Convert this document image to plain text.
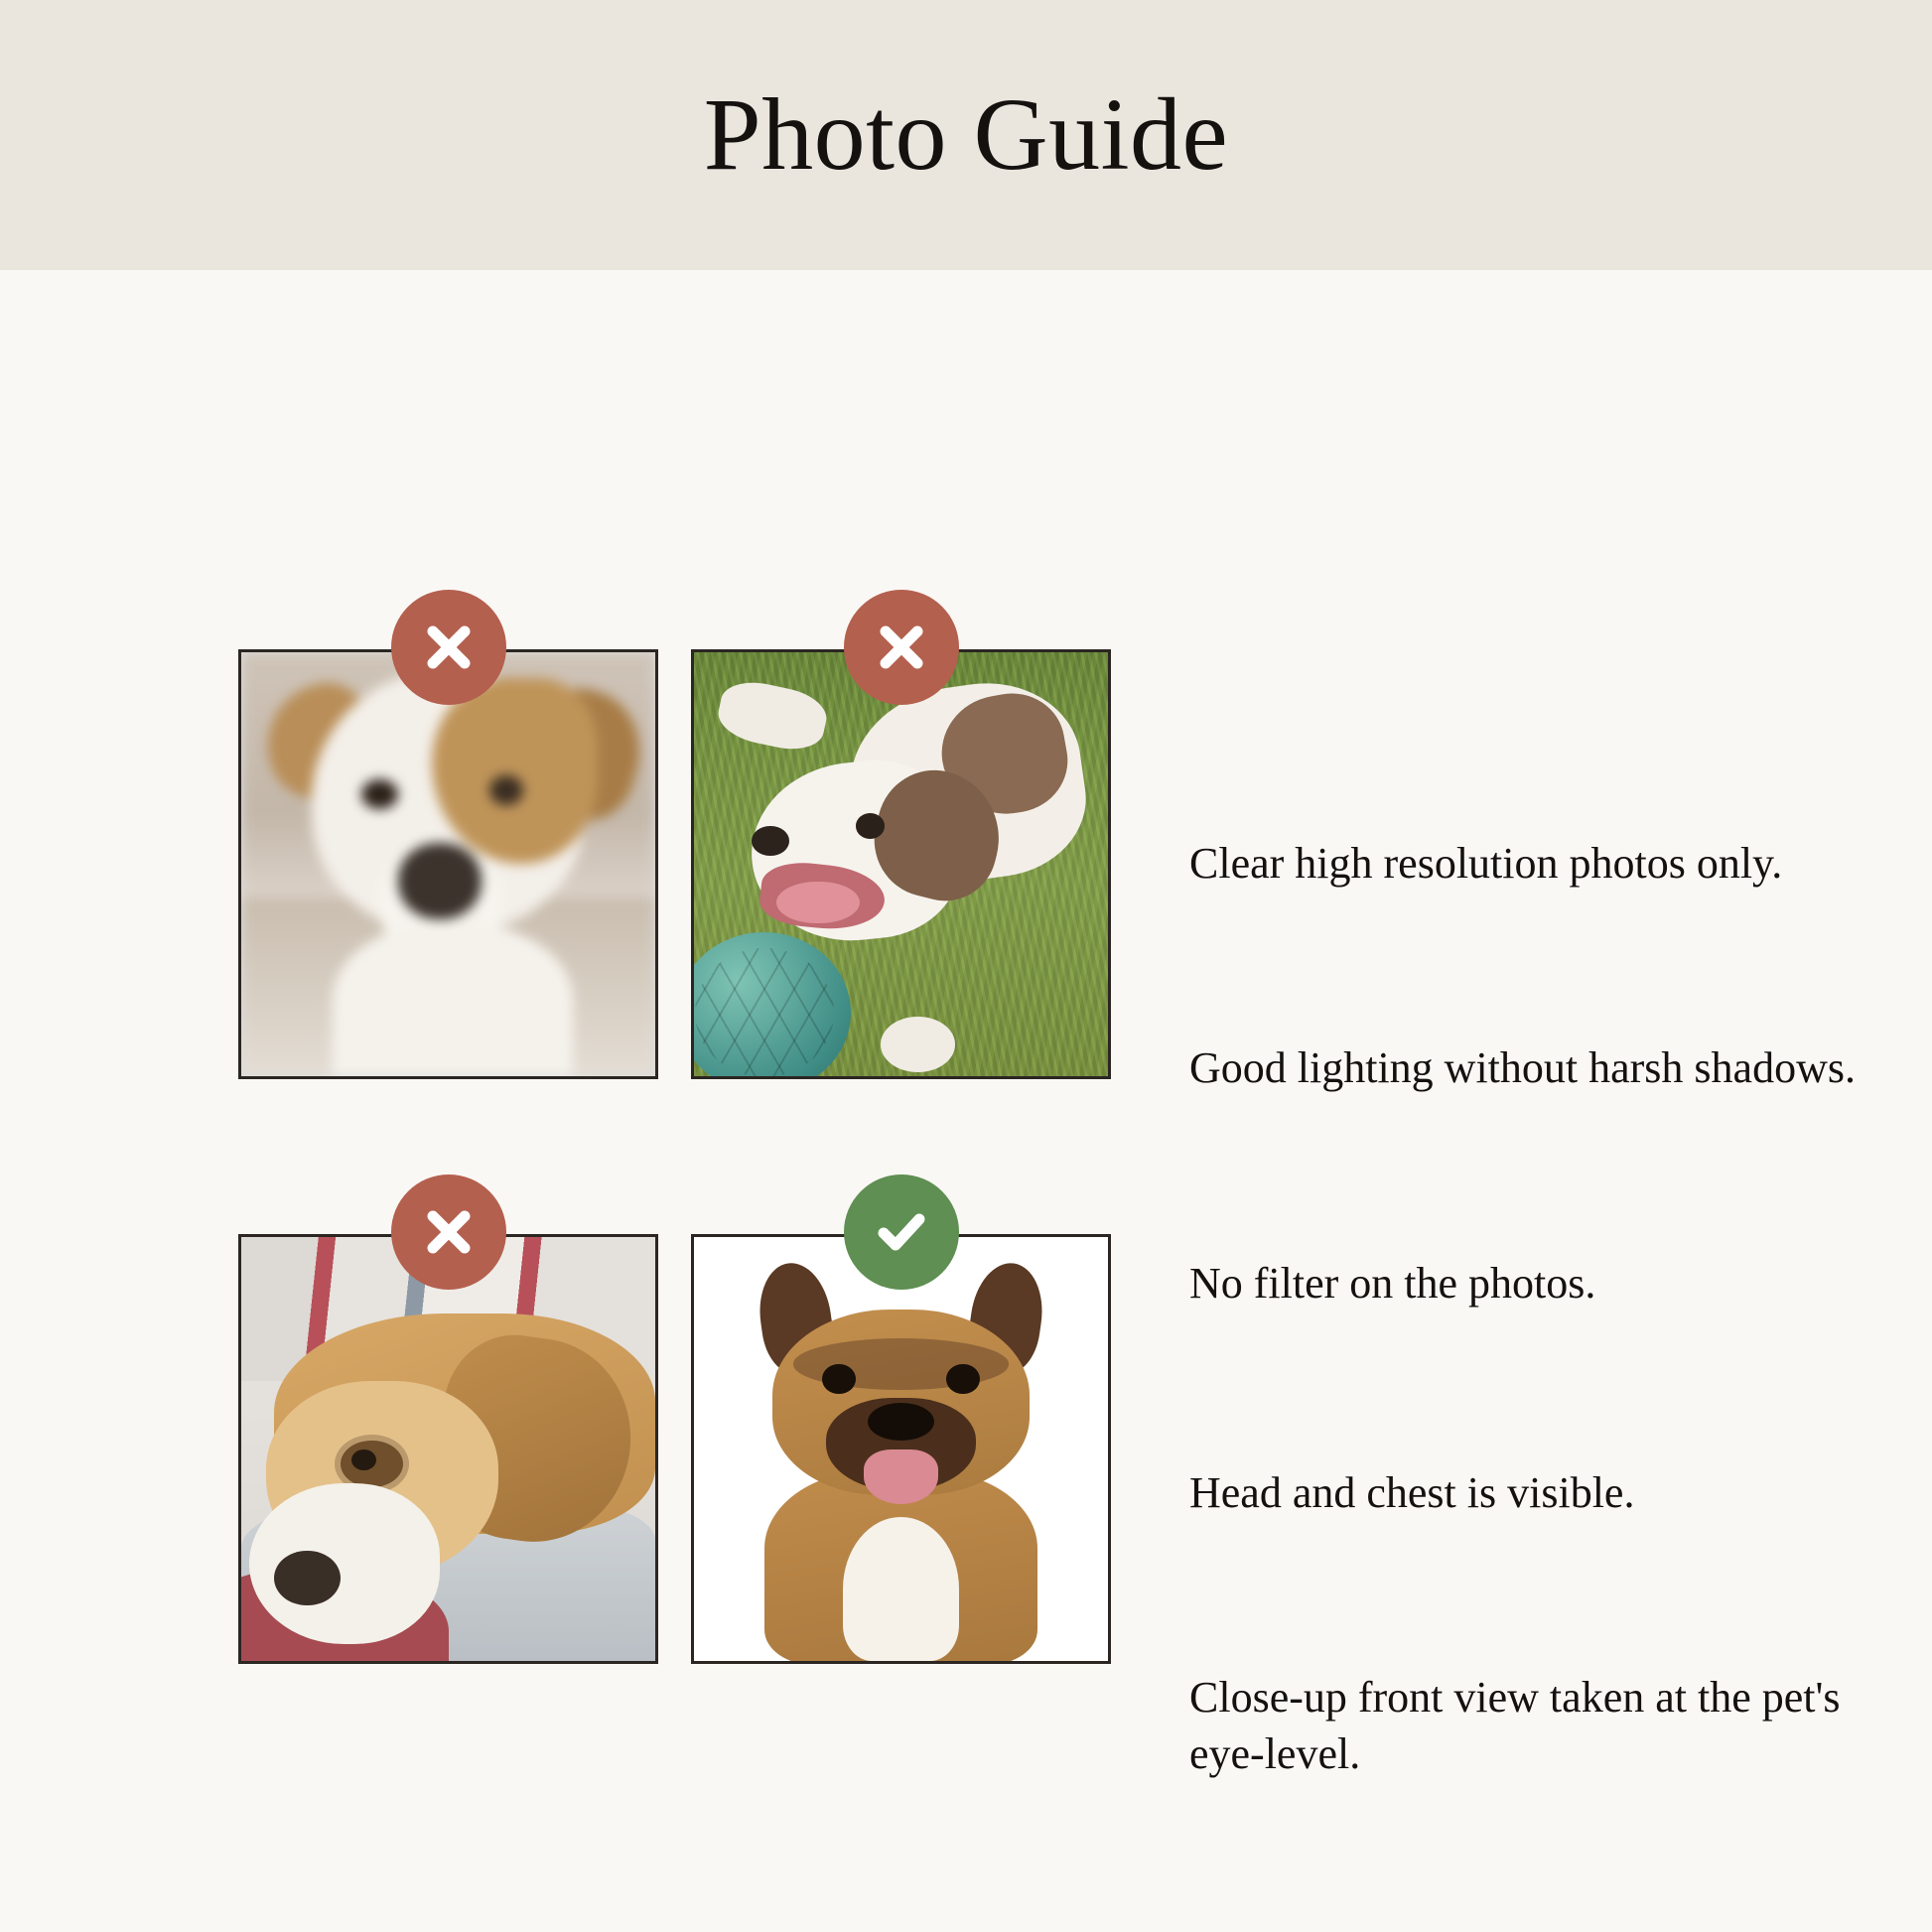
Photo Guide
Clear high resolution photos only.
Good lighting without harsh shadows.
No filter on the photos.
Head and chest is visible.
Close-up front view taken at the pet's eye-level.
